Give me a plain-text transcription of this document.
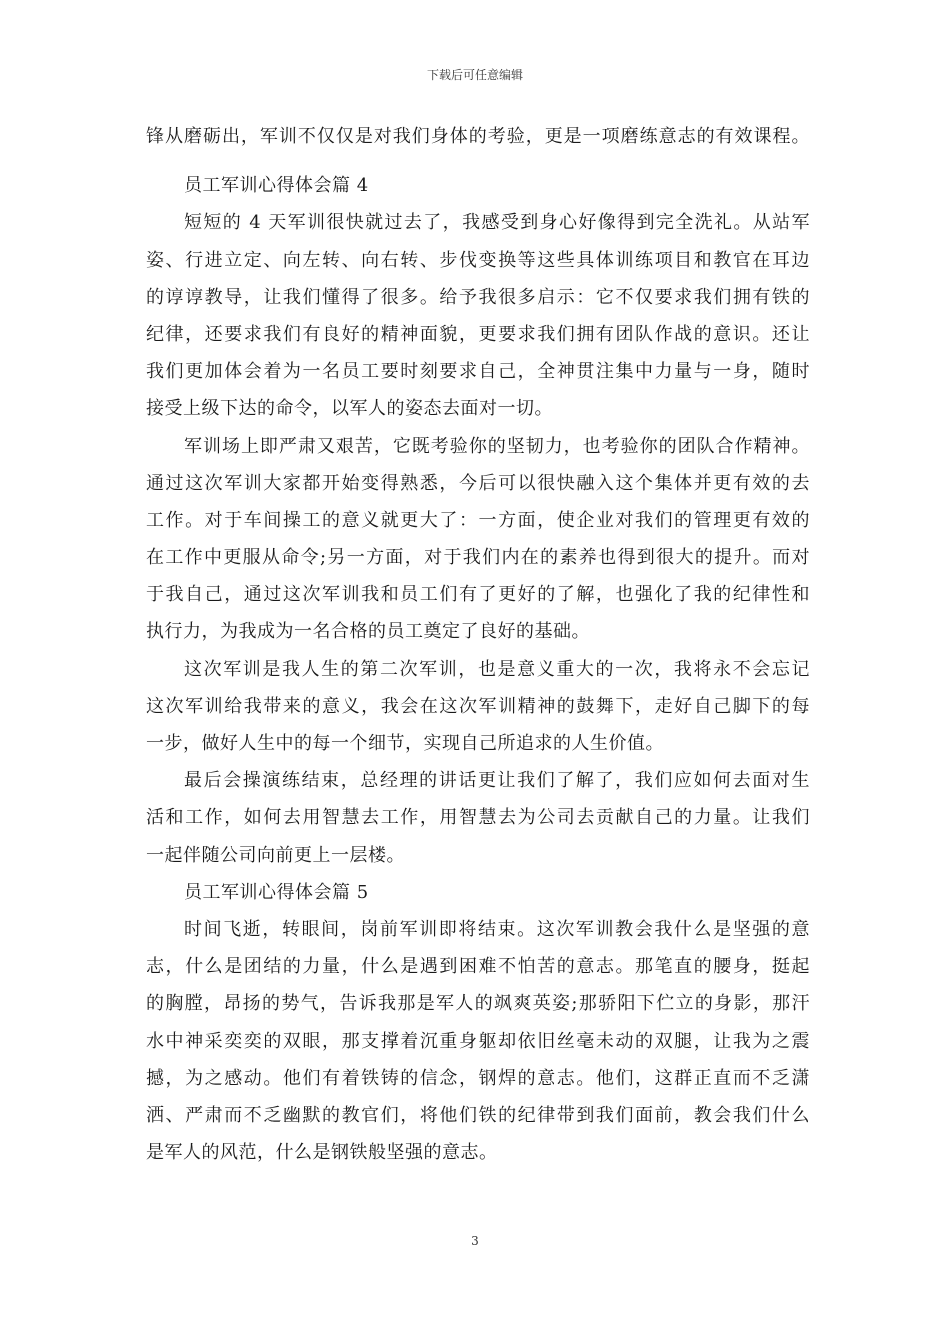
下载后可任意编辑
锋从磨砺出，军训不仅仅是对我们身体的考验，更是一项磨练意志的有效课程。
员工军训心得体会篇 4
短短的 4 天军训很快就过去了，我感受到身心好像得到完全洗礼。从站军
姿、行进立定、向左转、向右转、步伐变换等这些具体训练项目和教官在耳边
的谆谆教导，让我们懂得了很多。给予我很多启示：它不仅要求我们拥有铁的
纪律，还要求我们有良好的精神面貌，更要求我们拥有团队作战的意识。还让
我们更加体会着为一名员工要时刻要求自己，全神贯注集中力量与一身，随时
接受上级下达的命令，以军人的姿态去面对一切。
军训场上即严肃又艰苦，它既考验你的坚韧力，也考验你的团队合作精神。
通过这次军训大家都开始变得熟悉，今后可以很快融入这个集体并更有效的去
工作。对于车间操工的意义就更大了：一方面，使企业对我们的管理更有效的
在工作中更服从命令;另一方面，对于我们内在的素养也得到很大的提升。而对
于我自己，通过这次军训我和员工们有了更好的了解，也强化了我的纪律性和
执行力，为我成为一名合格的员工奠定了良好的基础。
这次军训是我人生的第二次军训，也是意义重大的一次，我将永不会忘记
这次军训给我带来的意义，我会在这次军训精神的鼓舞下，走好自己脚下的每
一步，做好人生中的每一个细节，实现自己所追求的人生价值。
最后会操演练结束，总经理的讲话更让我们了解了，我们应如何去面对生
活和工作，如何去用智慧去工作，用智慧去为公司去贡献自己的力量。让我们
一起伴随公司向前更上一层楼。
员工军训心得体会篇 5
时间飞逝，转眼间，岗前军训即将结束。这次军训教会我什么是坚强的意
志，什么是团结的力量，什么是遇到困难不怕苦的意志。那笔直的腰身，挺起
的胸膛，昂扬的势气，告诉我那是军人的飒爽英姿;那骄阳下伫立的身影，那汗
水中神采奕奕的双眼，那支撑着沉重身躯却依旧丝毫未动的双腿，让我为之震
撼，为之感动。他们有着铁铸的信念，钢焊的意志。他们，这群正直而不乏潇
洒、严肃而不乏幽默的教官们，将他们铁的纪律带到我们面前，教会我们什么
是军人的风范，什么是钢铁般坚强的意志。
3
